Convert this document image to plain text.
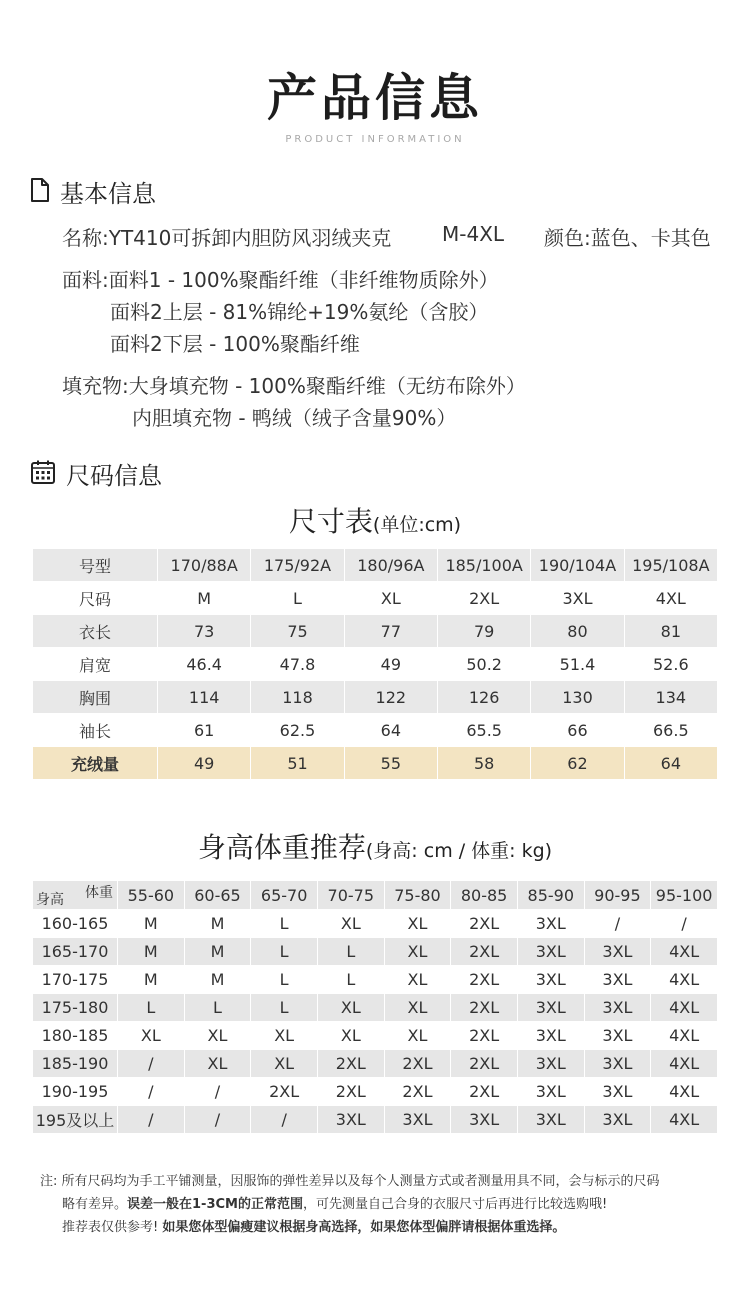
产品信息
PRODUCT INFORMATION
基本信息
名称:YT410可拆卸内胆防风羽绒夹克	M-4XL 颜色:蓝色、卡其色
面料:面料1 - 100%聚酯纤维（非纤维物质除外）
面料2上层 - 81%锦纶+19%氨纶（含胶）
面料2下层 - 100%聚酯纤维
填充物:大身填充物 - 100%聚酯纤维（无纺布除外）
内胆填充物 - 鸭绒（绒子含量90%）
尺码信息
尺寸表(单位:cm)
号型	170/88A	175/92A	180/96A	185/100A	190/104A	195/108A
尺码	M	L	XL	2XL	3XL	4XL
衣长	73	75	77	79	80	81
肩宽	46.4	47.8	49	50.2	51.4	52.6
胸围	114	118	122	126	130	134
袖长	61	62.5	64	65.5	66	66.5
充绒量	49	51	55	58	62	64
身高体重推荐(身高: cm / 体重: kg)
体重
身高	55-60	60-65	65-70	70-75	75-80	80-85	85-90	90-95	95-100
160-165	M	M	L	XL	XL	2XL	3XL	/	/
165-170	M	M	L	L	XL	2XL	3XL	3XL	4XL
170-175	M	M	L	L	XL	2XL	3XL	3XL	4XL
175-180	L	L	L	XL	XL	2XL	3XL	3XL	4XL
180-185	XL	XL	XL	XL	XL	2XL	3XL	3XL	4XL
185-190	/	XL	XL	2XL	2XL	2XL	3XL	3XL	4XL
190-195	/	/	2XL	2XL	2XL	2XL	3XL	3XL	4XL
195及以上	/	/	/	3XL	3XL	3XL	3XL	3XL	4XL

注: 所有尺码均为手工平铺测量，因服饰的弹性差异以及每个人测量方式或者测量用具不同，会与标示的尺码

略有差异。误差一般在1-3CM的正常范围，可先测量自己合身的衣服尺寸后再进行比较选购哦!

推荐表仅供参考! 如果您体型偏瘦建议根据身高选择，如果您体型偏胖请根据体重选择。
